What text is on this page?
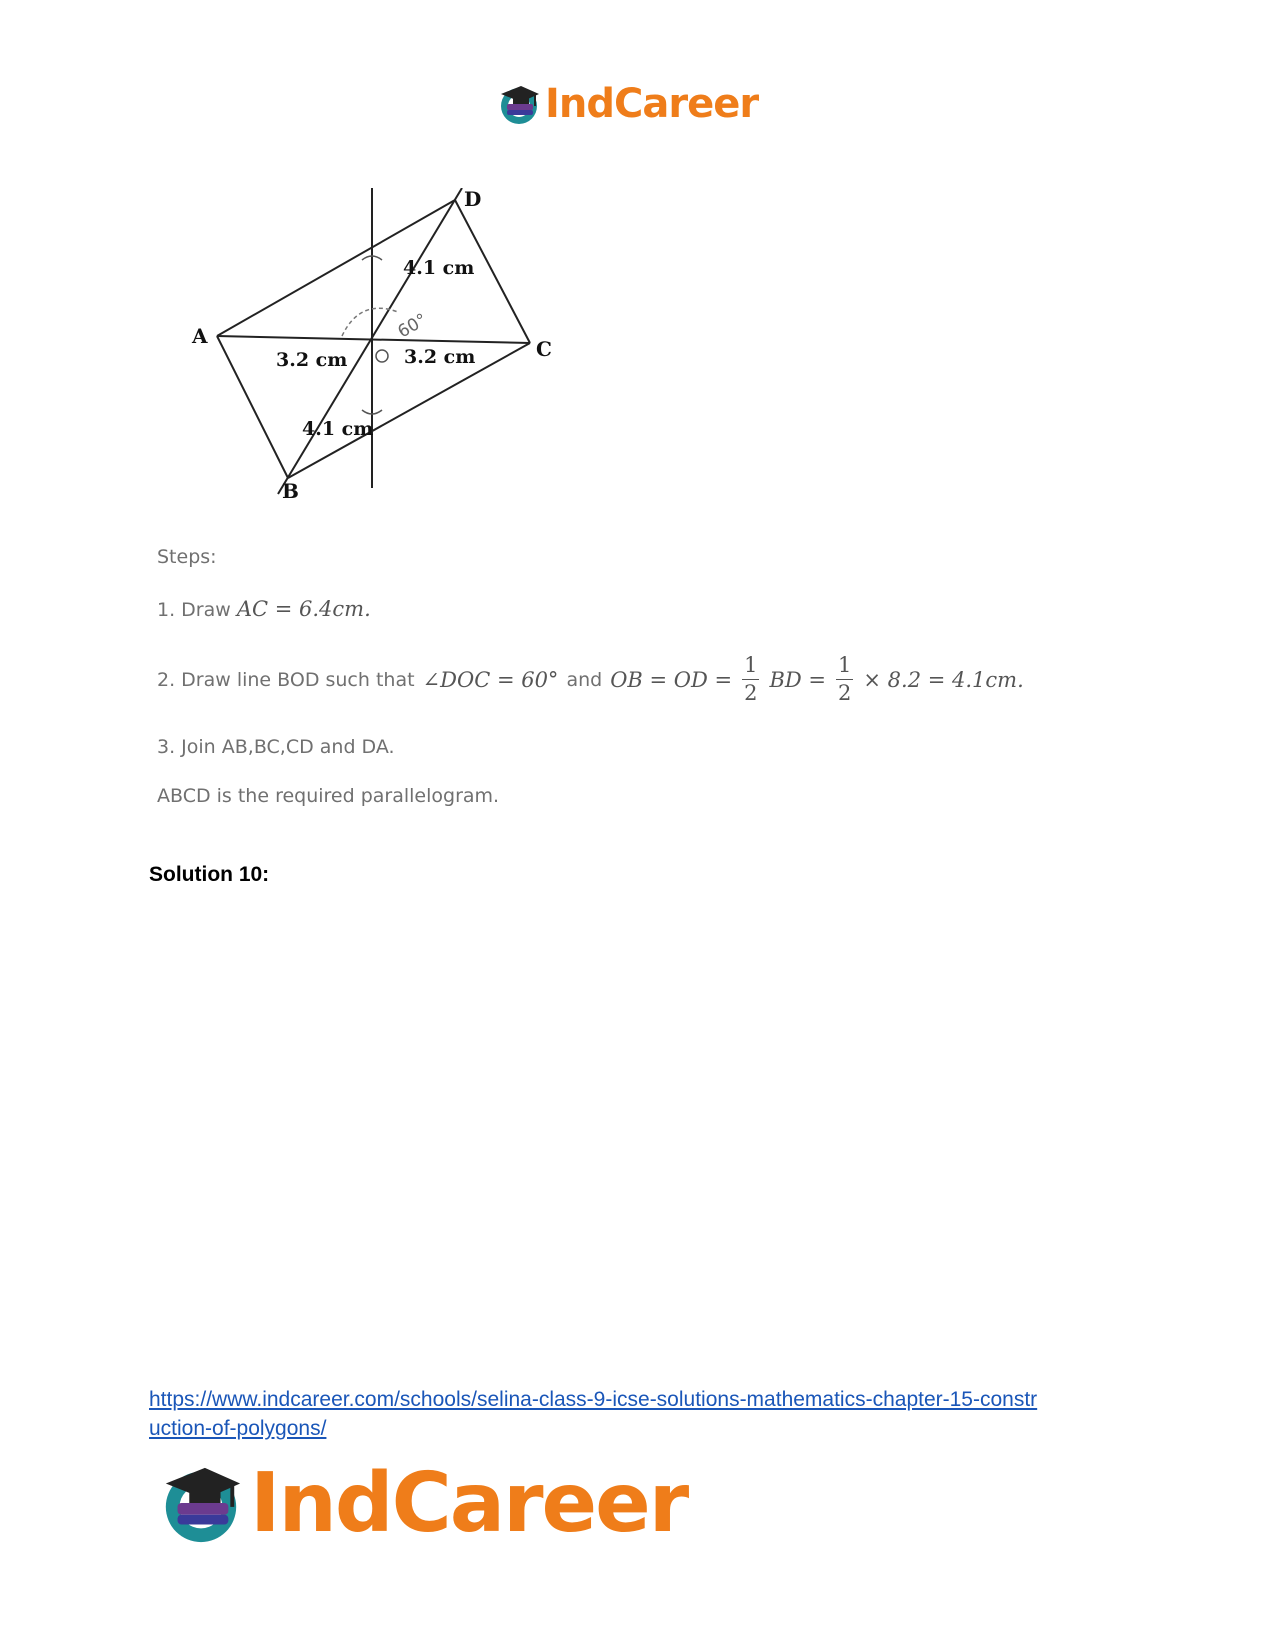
IndCareer
A
B
C
D
4.1 cm
4.1 cm
3.2 cm	3.2 cm
60°
Steps:
1. Draw AC = 6.4cm.
2. Draw line BOD such that ∠DOC = 60° and OB = OD = $\frac{1}{2}$ BD = $\frac{1}{2} \times 8.2 = 4.1cm$.
3. Join AB,BC,CD and DA.
ABCD is the required parallelogram.
Solution 10:
https://www.indcareer.com/schools/selina-class-9-icse-solutions-mathematics-chapter-15-constr
uction-of-polygons/
IndCareer
